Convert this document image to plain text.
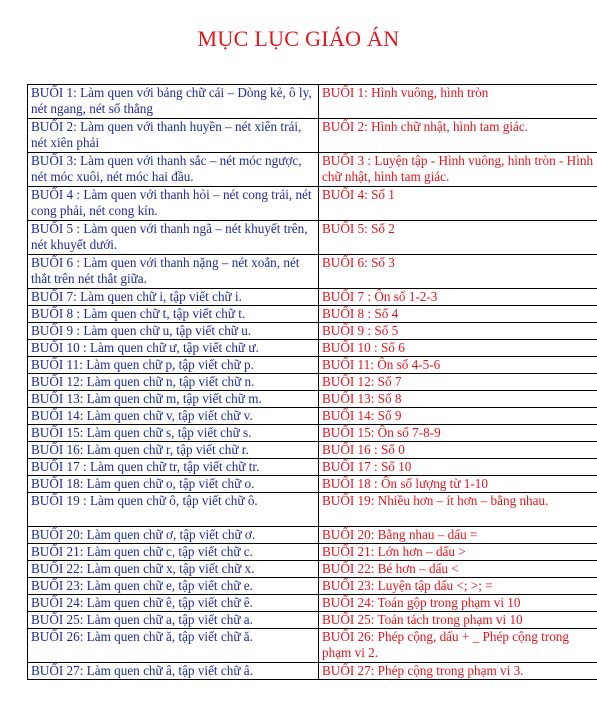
MỤC LỤC GIÁO ÁN
BUỔI 1: Làm quen với bảng chữ cái – Dòng kẻ, ô ly, nét ngang, nét sổ thẳng	BUỔI 1: Hình vuông, hình tròn
BUỔI 2: Làm quen với thanh huyền – nét xiên trái, nét xiên phải	BUỔI 2: Hình chữ nhật, hình tam giác.
BUỔI 3: Làm quen với thanh sắc – nét móc ngược, nét móc xuôi, nét móc hai đầu.	BUỔI 3 : Luyện tập - Hình vuông, hình tròn - Hình chữ nhật, hình tam giác.
BUỔI 4 : Làm quen với thanh hỏi – nét cong trái, nét cong phải, nét cong kín.	BUỔI 4: Số 1
BUỔI 5 : Làm quen với thanh ngã – nét khuyết trên, nét khuyết dưới.	BUỔI 5: Số 2
BUỔI 6 : Làm quen với thanh nặng – nét xoắn, nét thắt trên nét thắt giữa.	BUỔI 6: Số 3
BUỔI 7: Làm quen chữ i, tập viết chữ i.	BUỔI 7 : Ôn số 1-2-3
BUỔI 8 : Làm quen chữ t, tập viết chữ t.	BUỔI 8 : Số 4
BUỔI 9 : Làm quen chữ u, tập viết chữ u.	BUỔI 9 : Số 5
BUỔI 10 : Làm quen chữ ư, tập viết chữ ư.	BUỔI 10 : Số 6
BUỔI 11: Làm quen chữ p, tập viết chữ p.	BUỔI 11: Ôn số 4-5-6
BUỔI 12: Làm quen chữ n, tập viết chữ n.	BUỔI 12: Số 7
BUỔI 13: Làm quen chữ m, tập viết chữ m.	BUỔI 13: Số 8
BUỔI 14: Làm quen chữ v, tập viết chữ v.	BUỔI 14: Số 9
BUỔI 15: Làm quen chữ s, tập viết chữ s.	BUỔI 15: Ôn số 7-8-9
BUỔI 16: Làm quen chữ r, tập viết chữ r.	BUỔI 16 : Số 0
BUỔI 17 : Làm quen chữ tr, tập viết chữ tr.	BUỔI 17 : Số 10
BUỔI 18: Làm quen chữ o, tập viết chữ o.	BUỔI 18 : Ôn số lượng từ 1-10
BUỔI 19 : Làm quen chữ ô, tập viết chữ ô.	BUỔI 19: Nhiều hơn – ít hơn – bằng nhau.
BUỔI 20: Làm quen chữ ơ, tập viết chữ ơ.	BUỔI 20: Bằng nhau – dấu =
BUỔI 21: Làm quen chữ c, tập viết chữ c.	BUỔI 21: Lớn hơn – dấu >
BUỔI 22: Làm quen chữ x, tập viết chữ x.	BUỔI 22: Bé hơn – dấu <
BUỔI 23: Làm quen chữ e, tập viết chữ e.	BUỔI 23: Luyện tập dấu <; >; =
BUỔI 24: Làm quen chữ ê, tập viết chữ ê.	BUỔI 24: Toán gộp trong phạm vi 10
BUỔI 25: Làm quen chữ a, tập viết chữ a.	BUỔI 25: Toán tách trong phạm vi 10
BUỔI 26: Làm quen chữ ă, tập viết chữ ă.	BUỔI 26: Phép cộng, dấu + _ Phép cộng trong phạm vi 2.
BUỔI 27: Làm quen chữ â, tập viết chữ â.	BUỔI 27: Phép cộng trong phạm vi 3.
